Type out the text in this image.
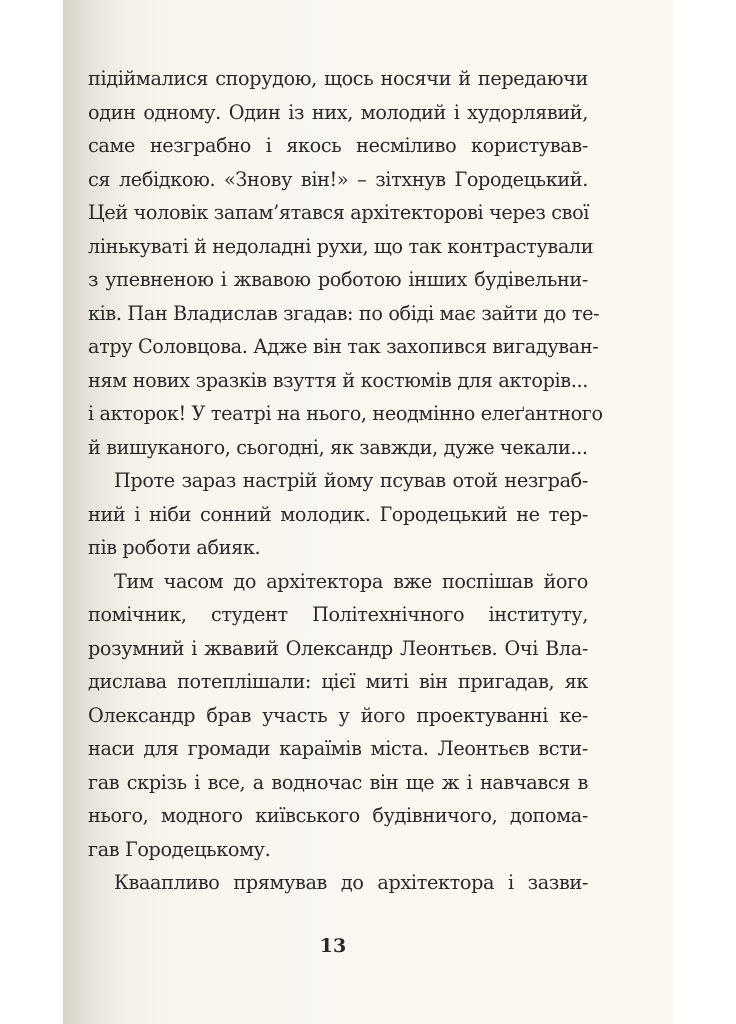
підіймалися спорудою, щось носячи й передаючи
один одному. Один із них, молодий і худорлявий,
саме незграбно і якось несміливо користував-
ся лебідкою. «Знову він!» – зітхнув Городецький.
Цей чоловік запам’ятався архітекторові через свої
лінькуваті й недоладні рухи, що так контрастували
з упевненою і жвавою роботою інших будівельни-
ків. Пан Владислав згадав: по обіді має зайти до те-
атру Соловцова. Адже він так захопився вигадуван-
ням нових зразків взуття й костюмів для акторів...
і акторок! У театрі на нього, неодмінно елеґантного
й вишуканого, сьогодні, як завжди, дуже чекали...
Проте зараз настрій йому псував отой незграб-
ний і ніби сонний молодик. Городецький не тер-
пів роботи абияк.
Тим часом до архітектора вже поспішав його
помічник, студент Політехнічного інституту,
розумний і жвавий Олександр Леонтьєв. Очі Вла-
дислава потеплішали: цієї миті він пригадав, як
Олександр брав участь у його проектуванні ке-
наси для громади караїмів міста. Леонтьєв вcти-
гав скрізь і все, а водночас він ще ж і навчався в
нього, модного київського будівничого, допома-
гав Городецькому.
Кваапливо прямував до архітектора і зазви-
13
